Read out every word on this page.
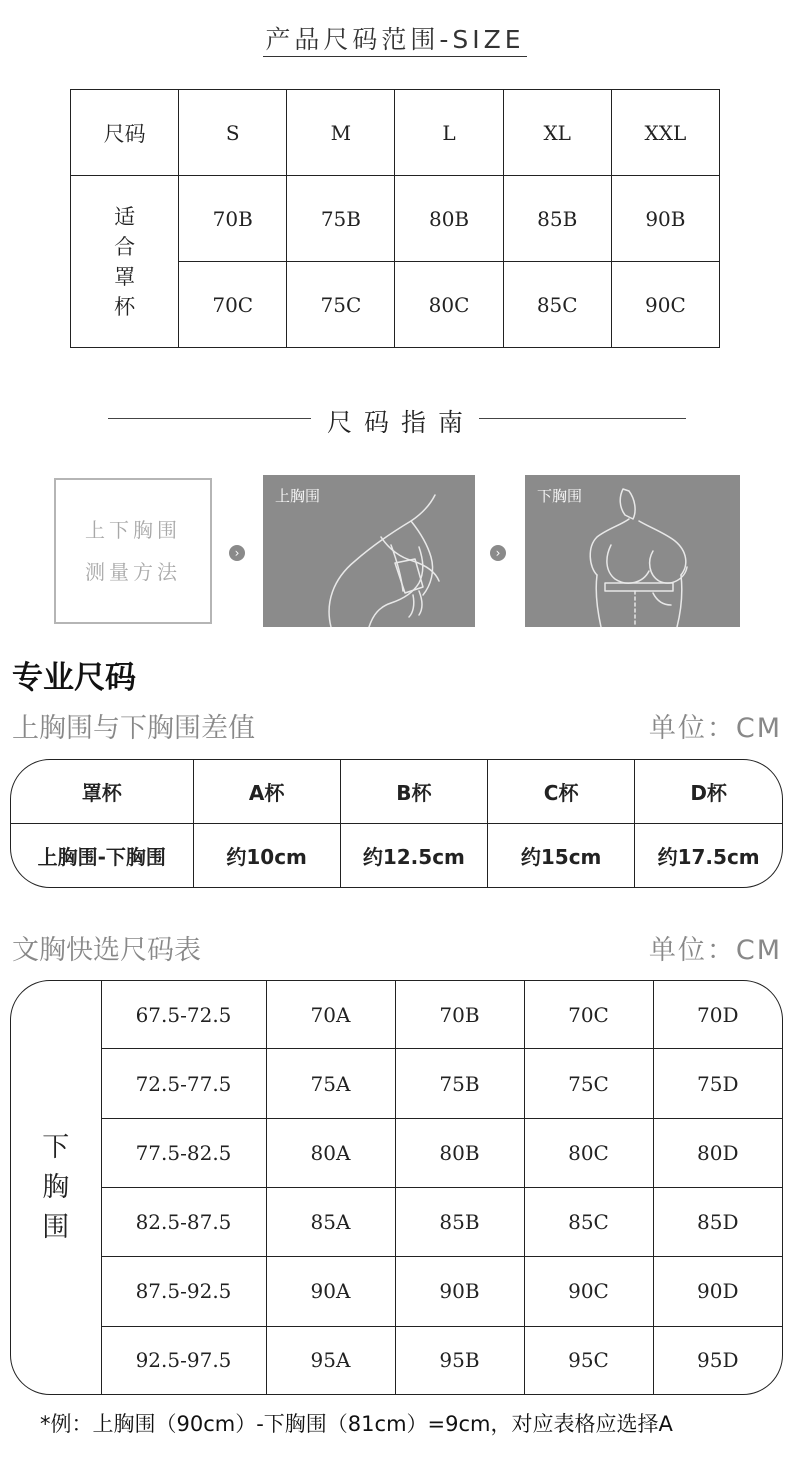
产品尺码范围-SIZE
尺码	S	M	L	XL	XXL

适
合
罩
杯	70B	75B	80B	85B	90B
	70C	75C	80C	85C	90C
尺码指南
上下胸围
测量方法
›
上胸围
›
下胸围
专业尺码
上胸围与下胸围差值	单位：CM
罩杯	A杯	B杯	C杯	D杯
上胸围-下胸围	约10cm	约12.5cm	约15cm	约17.5cm
文胸快选尺码表	单位：CM
下
胸
围	67.5-72.5	70A	70B	70C	70D
	72.5-77.5	75A	75B	75C	75D
	77.5-82.5	80A	80B	80C	80D
	82.5-87.5	85A	85B	85C	85D
	87.5-92.5	90A	90B	90C	90D
	92.5-97.5	95A	95B	95C	95D
*例：上胸围（90cm）-下胸围（81cm）=9cm，对应表格应选择A
